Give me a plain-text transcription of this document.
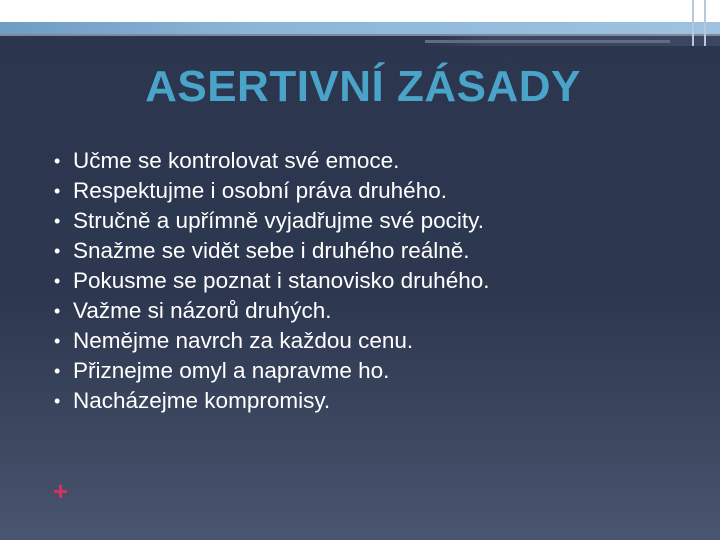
ASERTIVNÍ ZÁSADY
• Učme se kontrolovat své emoce.
• Respektujme i osobní práva druhého.
• Stručně a upřímně vyjadřujme své pocity.
• Snažme se vidět sebe i druhého reálně.
• Pokusme se poznat i stanovisko druhého.
• Važme si názorů druhých.
• Nemějme navrch za každou cenu.
• Přiznejme omyl a napravme ho.
• Nacházejme kompromisy.
+
